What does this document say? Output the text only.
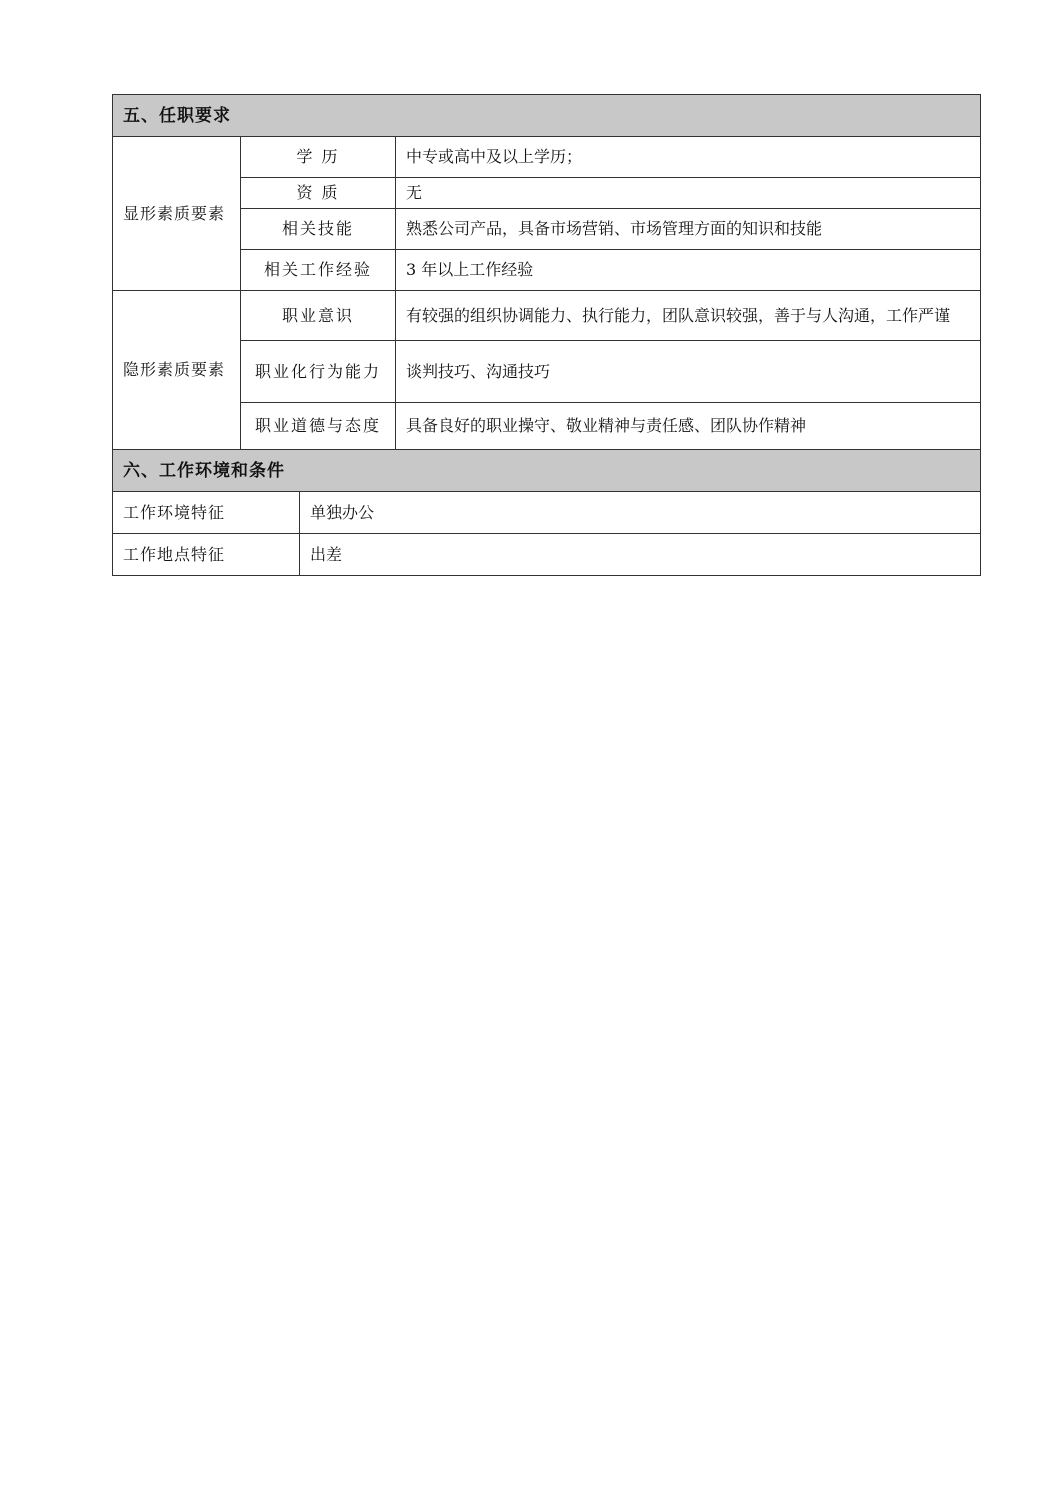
五、任职要求		
显形素质要素	学 历	中专或高中及以上学历；
	资 质	无
	相关技能	熟悉公司产品，具备市场营销、市场管理方面的知识和技能
	相关工作经验	3 年以上工作经验
隐形素质要素	职业意识	有较强的组织协调能力、执行能力，团队意识较强，善于与人沟通，工作严谨
	职业化行为能力	谈判技巧、沟通技巧
	职业道德与态度	具备良好的职业操守、敬业精神与责任感、团队协作精神
六、工作环境和条件	
工作环境特征	单独办公
工作地点特征	出差
